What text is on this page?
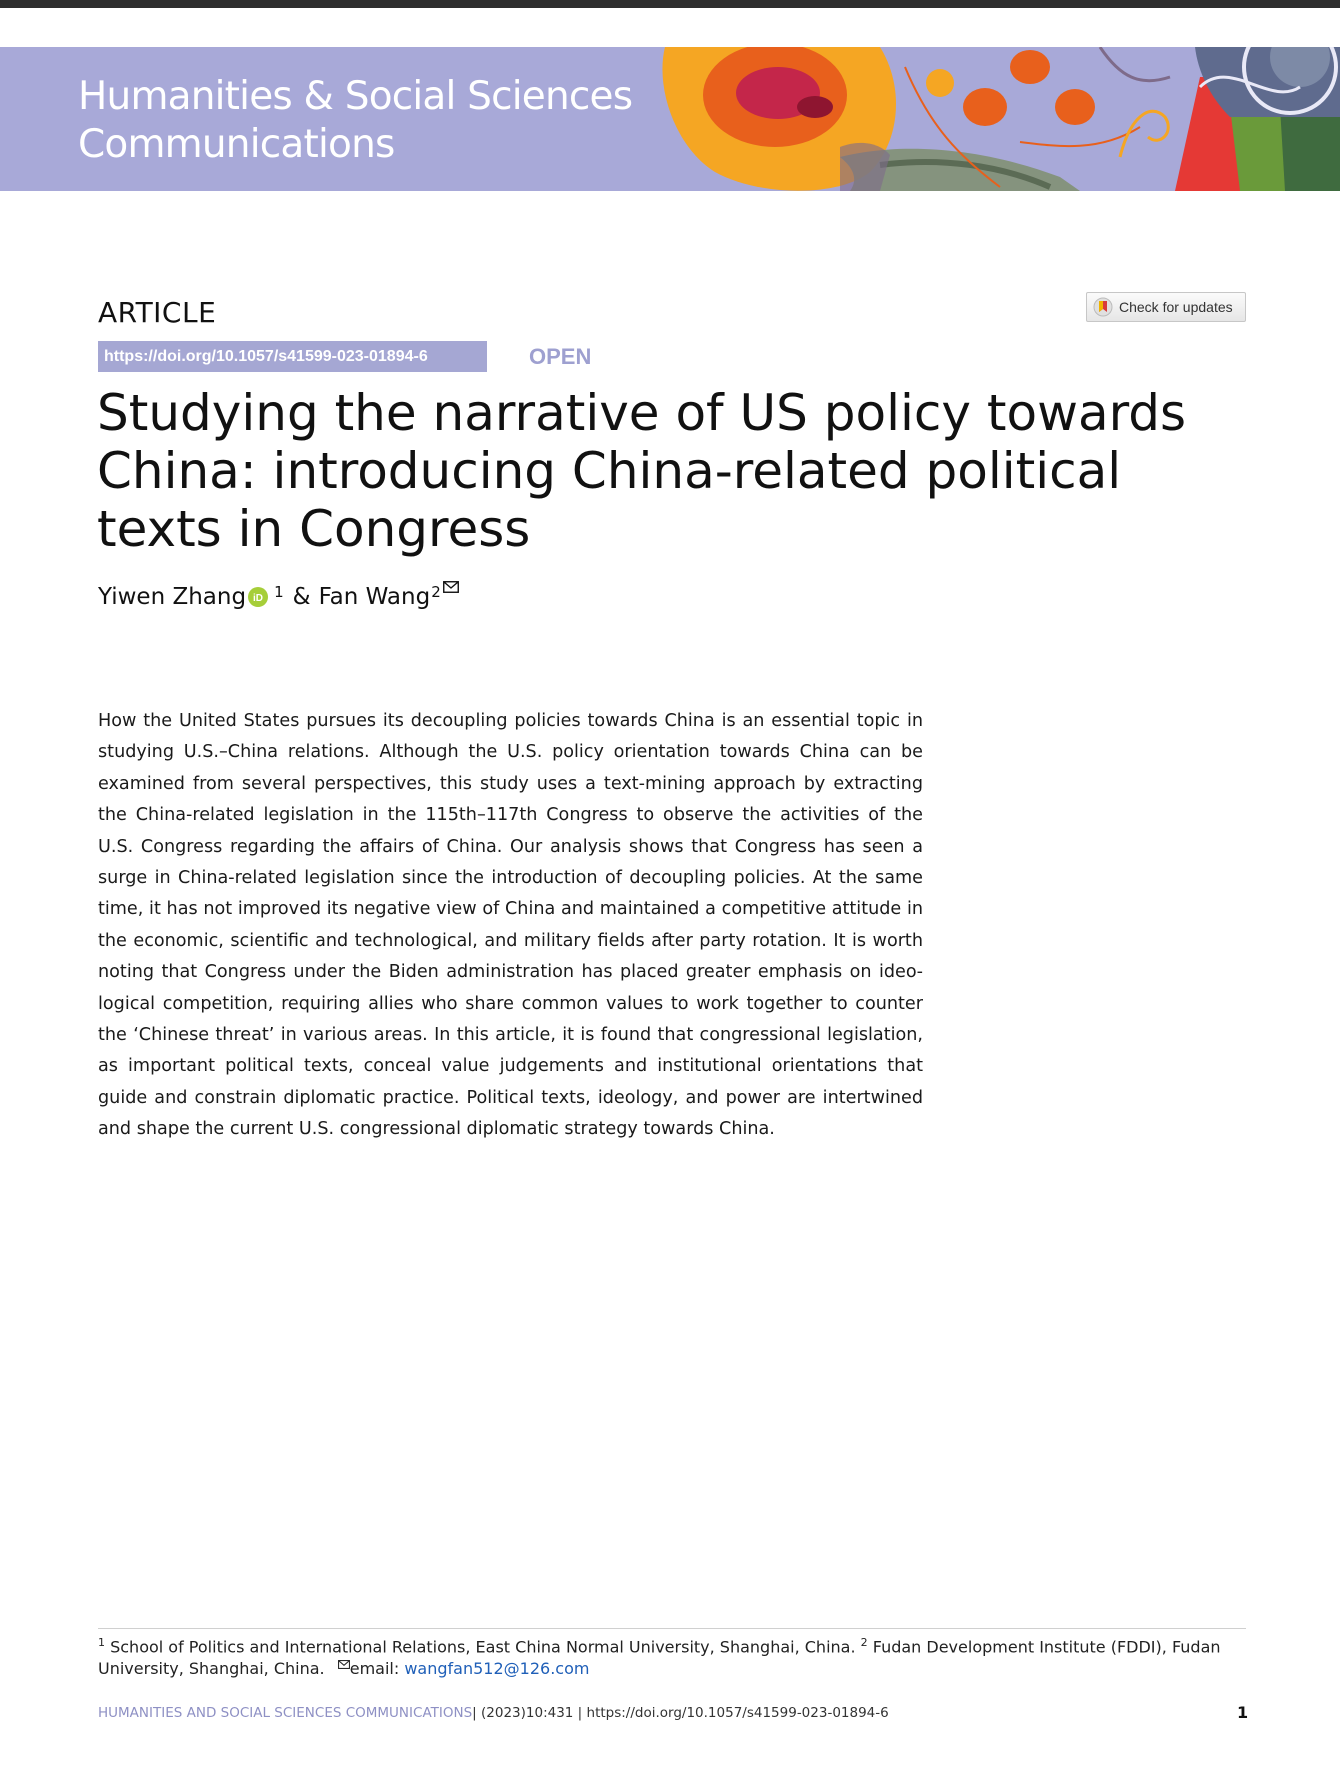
Humanities & Social Sciences
Communications
ARTICLE	Check for updates
https://doi.org/10.1057/s41599-023-01894-6	OPEN
Studying the narrative of US policy towards China: introducing China-related political texts in Congress
Yiwen Zhang iD $^1$ & Fan Wang$^2$

How the United States pursues its decoupling policies towards China is an essential topic in studying U.S.–China relations. Although the U.S. policy orientation towards China can be examined from several perspectives, this study uses a text-mining approach by extracting the China-related legislation in the 115th–117th Congress to observe the activities of the U.S. Congress regarding the affairs of China. Our analysis shows that Congress has seen a surge in China-related legislation since the introduction of decoupling policies. At the same time, it has not improved its negative view of China and maintained a competitive attitude in the economic, scientific and technological, and military fields after party rotation. It is worth noting that Congress under the Biden administration has placed greater emphasis on ideological competition, requiring allies who share common values to work together to counter the ‘Chinese threat’ in various areas. In this article, it is found that congressional legislation, as important political texts, conceal value judgements and institutional orientations that guide and constrain diplomatic practice. Political texts, ideology, and power are intertwined and shape the current U.S. congressional diplomatic strategy towards China.

$^1$ School of Politics and International Relations, East China Normal University, Shanghai, China. $^2$ Fudan Development Institute (FDDI), Fudan University, Shanghai, China. email: wangfan512@126.com
HUMANITIES AND SOCIAL SCIENCES COMMUNICATIONS| (2023)10:431 | https://doi.org/10.1057/s41599-023-01894-6	1
